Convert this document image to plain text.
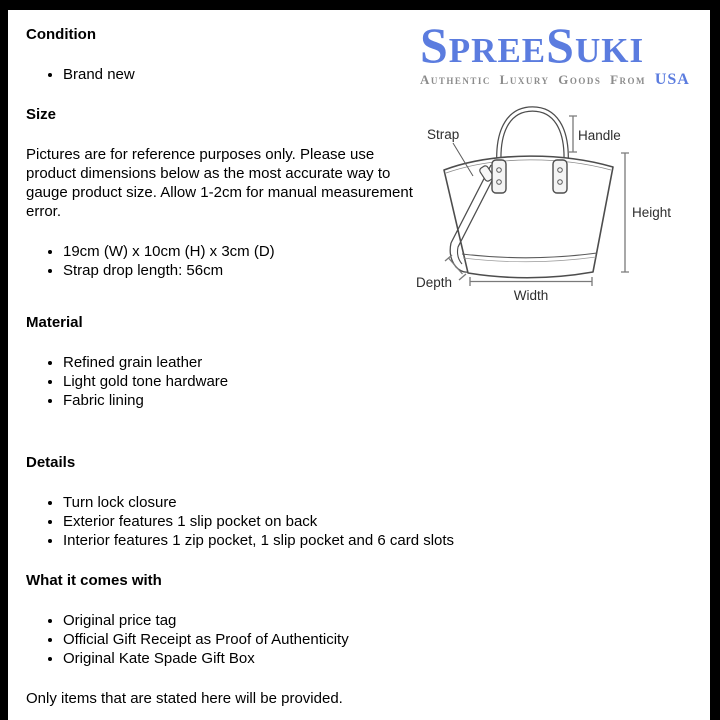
SpreeSuki
Authentic Luxury Goods From USA
Strap	Handle
Height
Depth
Width
Condition
• Brand new
Size

Pictures are for reference purposes only. Please use product dimensions below as the most accurate way to gauge product size. Allow 1-2cm for manual measurement error.

• 19cm (W) x 10cm (H) x 3cm (D)
• Strap drop length: 56cm
Material
• Refined grain leather
• Light gold tone hardware
• Fabric lining
Details
• Turn lock closure
• Exterior features 1 slip pocket on back
• Interior features 1 zip pocket, 1 slip pocket and 6 card slots
What it comes with
• Original price tag
• Official Gift Receipt as Proof of Authenticity
• Original Kate Spade Gift Box

Only items that are stated here will be provided.
